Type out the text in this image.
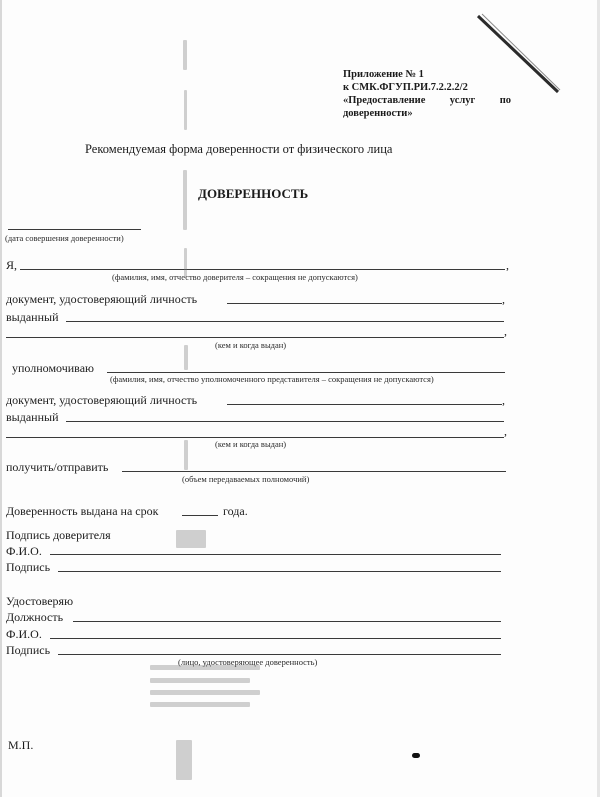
Приложение № 1
к СМК.ФГУП.РИ.7.2.2.2/2
«Предоставление услуг по
доверенности»
Рекомендуемая форма доверенности от физического лица
ДОВЕРЕННОСТЬ
(дата совершения доверенности)
Я,	,
(фамилия, имя, отчество доверителя – сокращения не допускаются)
документ, удостоверяющий личность	,
выданный
,
(кем и когда выдан)
уполномочиваю
(фамилия, имя, отчество уполномоченного представителя – сокращения не допускаются)
документ, удостоверяющий личность	,
выданный
,
(кем и когда выдан)
получить/отправить
(объем передаваемых полномочий)
Доверенность выдана на срок	года.
Подпись доверителя
Ф.И.О.
Подпись
Удостоверяю
Должность
Ф.И.О.
Подпись
(лицо, удостоверяющее доверенность)
М.П.
